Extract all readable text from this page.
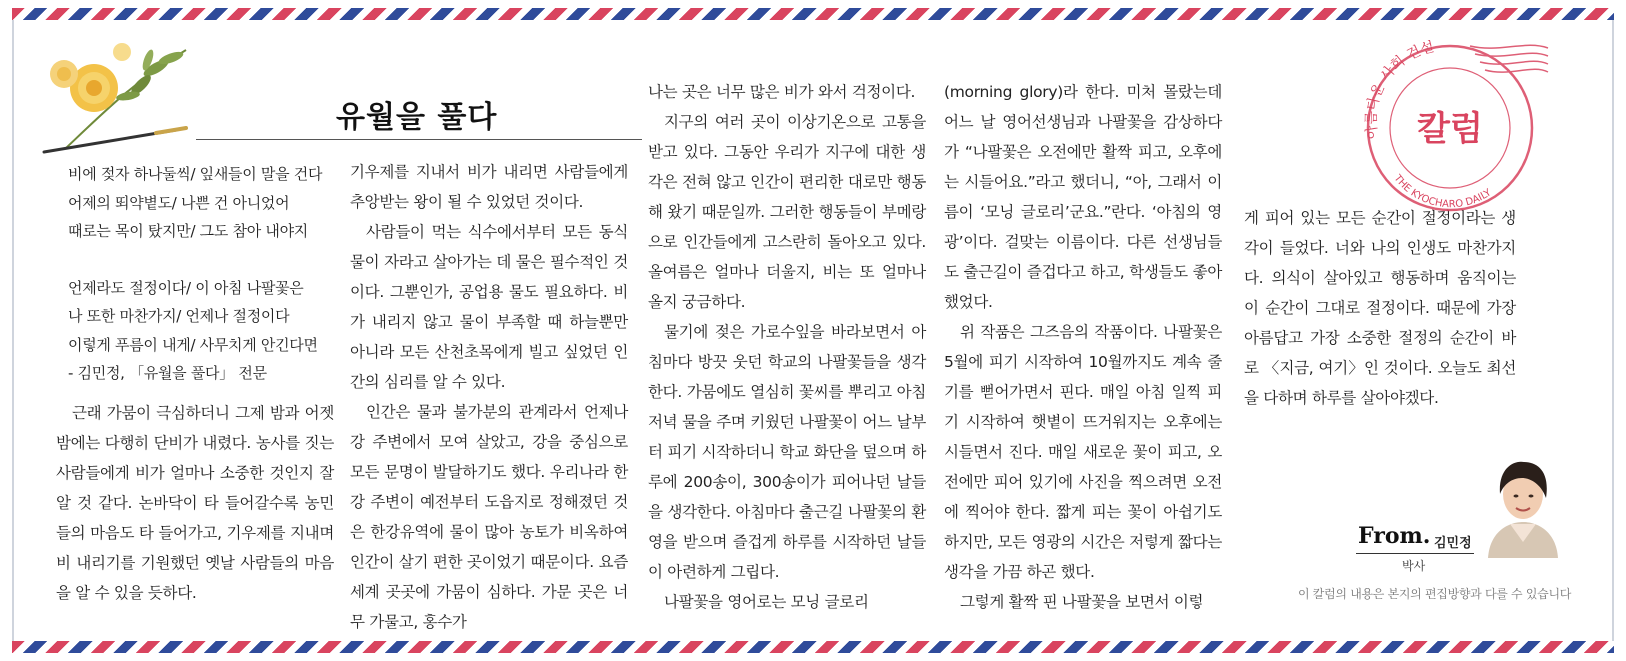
유월을 풀다

비에 젖자 하나둘씩/ 잎새들이 말을 건다

어제의 뙤약볕도/ 나쁜 건 아니었어

때로는 목이 탔지만/ 그도 참아 내야지

언제라도 절정이다/ 이 아침 나팔꽃은

나 또한 마찬가지/ 언제나 절정이다

이렇게 푸름이 내게/ 사무치게 안긴다면

- 김민정, 「유월을 풀다」 전문

근래 가뭄이 극심하더니 그제 밤과 어젯밤에는 다행히 단비가 내렸다. 농사를 짓는 사람들에게 비가 얼마나 소중한 것인지 잘 알 것 같다. 논바닥이 타 들어갈수록 농민들의 마음도 타 들어가고, 기우제를 지내며 비 내리기를 기원했던 옛날 사람들의 마음을 알 수 있을 듯하다.

기우제를 지내서 비가 내리면 사람들에게 추앙받는 왕이 될 수 있었던 것이다.

사람들이 먹는 식수에서부터 모든 동식물이 자라고 살아가는 데 물은 필수적인 것이다. 그뿐인가, 공업용 물도 필요하다. 비가 내리지 않고 물이 부족할 때 하늘뿐만 아니라 모든 산천초목에게 빌고 싶었던 인간의 심리를 알 수 있다.

인간은 물과 불가분의 관계라서 언제나 강 주변에서 모여 살았고, 강을 중심으로 모든 문명이 발달하기도 했다. 우리나라 한강 주변이 예전부터 도읍지로 정해졌던 것은 한강유역에 물이 많아 농토가 비옥하여 인간이 살기 편한 곳이었기 때문이다. 요즘 세계 곳곳에 가뭄이 심하다. 가문 곳은 너무 가물고, 홍수가

나는 곳은 너무 많은 비가 와서 걱정이다.

지구의 여러 곳이 이상기온으로 고통을 받고 있다. 그동안 우리가 지구에 대한 생각은 전혀 않고 인간이 편리한 대로만 행동해 왔기 때문일까. 그러한 행동들이 부메랑으로 인간들에게 고스란히 돌아오고 있다. 올여름은 얼마나 더울지, 비는 또 얼마나 올지 궁금하다.

물기에 젖은 가로수잎을 바라보면서 아침마다 방끗 웃던 학교의 나팔꽃들을 생각한다. 가뭄에도 열심히 꽃씨를 뿌리고 아침저녁 물을 주며 키웠던 나팔꽃이 어느 날부터 피기 시작하더니 학교 화단을 덮으며 하루에 200송이, 300송이가 피어나던 날들을 생각한다. 아침마다 출근길 나팔꽃의 환영을 받으며 즐겁게 하루를 시작하던 날들이 아련하게 그립다.

나팔꽃을 영어로는 모닝 글로리

(morning glory)라 한다. 미처 몰랐는데 어느 날 영어선생님과 나팔꽃을 감상하다가 “나팔꽃은 오전에만 활짝 피고, 오후에는 시들어요.”라고 했더니, “아, 그래서 이름이 ‘모닝 글로리’군요.”란다. ‘아침의 영광’이다. 걸맞는 이름이다. 다른 선생님들도 출근길이 즐겁다고 하고, 학생들도 좋아했었다.

위 작품은 그즈음의 작품이다. 나팔꽃은 5월에 피기 시작하여 10월까지도 계속 줄기를 뻗어가면서 핀다. 매일 아침 일찍 피기 시작하여 햇볕이 뜨거워지는 오후에는 시들면서 진다. 매일 새로운 꽃이 피고, 오전에만 피어 있기에 사진을 찍으려면 오전에 찍어야 한다. 짧게 피는 꽃이 아쉽기도 하지만, 모든 영광의 시간은 저렇게 짧다는 생각을 가끔 하곤 했다.

그렇게 활짝 핀 나팔꽃을 보면서 이렇

게 피어 있는 모든 순간이 절정이라는 생각이 들었다. 너와 나의 인생도 마찬가지다. 의식이 살아있고 행동하며 움직이는 이 순간이 그대로 절정이다. 때문에 가장 아름답고 가장 소중한 절정의 순간이 바로 〈지금, 여기〉인 것이다. 오늘도 최선을 다하며 하루를 살아야겠다.

아름다운 사회 건설
칼럼
THE KYOCHARO DAILY
From. 김민정
박사
이 칼럼의 내용은 본지의 편집방향과 다를 수 있습니다
